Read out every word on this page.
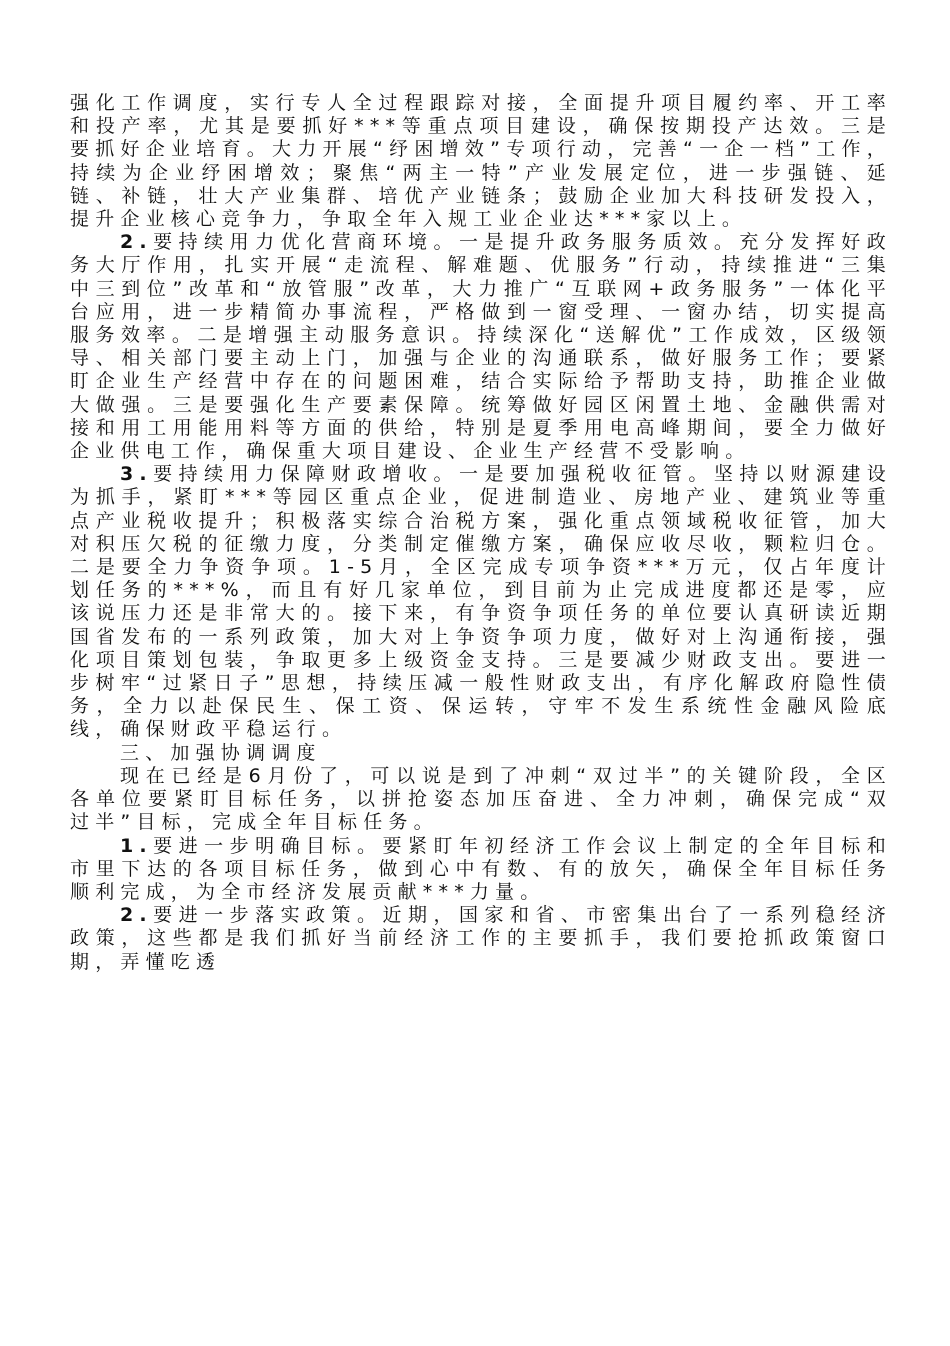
强化工作调度，实行专人全过程跟踪对接，全面提升项目履约率、开工率和投产率，尤其是要抓好***等重点项目建设，确保按期投产达效。三是要抓好企业培育。大力开展“纾困增效”专项行动，完善“一企一档”工作，持续为企业纾困增效；聚焦“两主一特”产业发展定位，进一步强链、延链、补链，壮大产业集群、培优产业链条；鼓励企业加大科技研发投入，提升企业核心竞争力，争取全年入规工业企业达***家以上。

2.要持续用力优化营商环境。一是提升政务服务质效。充分发挥好政务大厅作用，扎实开展“走流程、解难题、优服务”行动，持续推进“三集中三到位”改革和“放管服”改革，大力推广“互联网+政务服务”一体化平台应用，进一步精简办事流程，严格做到一窗受理、一窗办结，切实提高服务效率。二是增强主动服务意识。持续深化“送解优”工作成效，区级领导、相关部门要主动上门，加强与企业的沟通联系，做好服务工作；要紧盯企业生产经营中存在的问题困难，结合实际给予帮助支持，助推企业做大做强。三是要强化生产要素保障。统筹做好园区闲置土地、金融供需对接和用工用能用料等方面的供给，特别是夏季用电高峰期间，要全力做好企业供电工作，确保重大项目建设、企业生产经营不受影响。

3.要持续用力保障财政增收。一是要加强税收征管。坚持以财源建设为抓手，紧盯***等园区重点企业，促进制造业、房地产业、建筑业等重点产业税收提升；积极落实综合治税方案，强化重点领域税收征管，加大对积压欠税的征缴力度，分类制定催缴方案，确保应收尽收，颗粒归仓。二是要全力争资争项。1-5月，全区完成专项争资***万元，仅占年度计划任务的***%，而且有好几家单位，到目前为止完成进度都还是零，应该说压力还是非常大的。接下来，有争资争项任务的单位要认真研读近期国省发布的一系列政策，加大对上争资争项力度，做好对上沟通衔接，强化项目策划包装，争取更多上级资金支持。三是要减少财政支出。要进一步树牢“过紧日子”思想，持续压减一般性财政支出，有序化解政府隐性债务，全力以赴保民生、保工资、保运转，守牢不发生系统性金融风险底线，确保财政平稳运行。

三、加强协调调度

现在已经是6月份了，可以说是到了冲刺“双过半”的关键阶段，全区各单位要紧盯目标任务，以拼抢姿态加压奋进、全力冲刺，确保完成“双过半”目标，完成全年目标任务。

1.要进一步明确目标。要紧盯年初经济工作会议上制定的全年目标和市里下达的各项目标任务，做到心中有数、有的放矢，确保全年目标任务顺利完成，为全市经济发展贡献***力量。

2.要进一步落实政策。近期，国家和省、市密集出台了一系列稳经济政策，这些都是我们抓好当前经济工作的主要抓手，我们要抢抓政策窗口期，弄懂吃透
